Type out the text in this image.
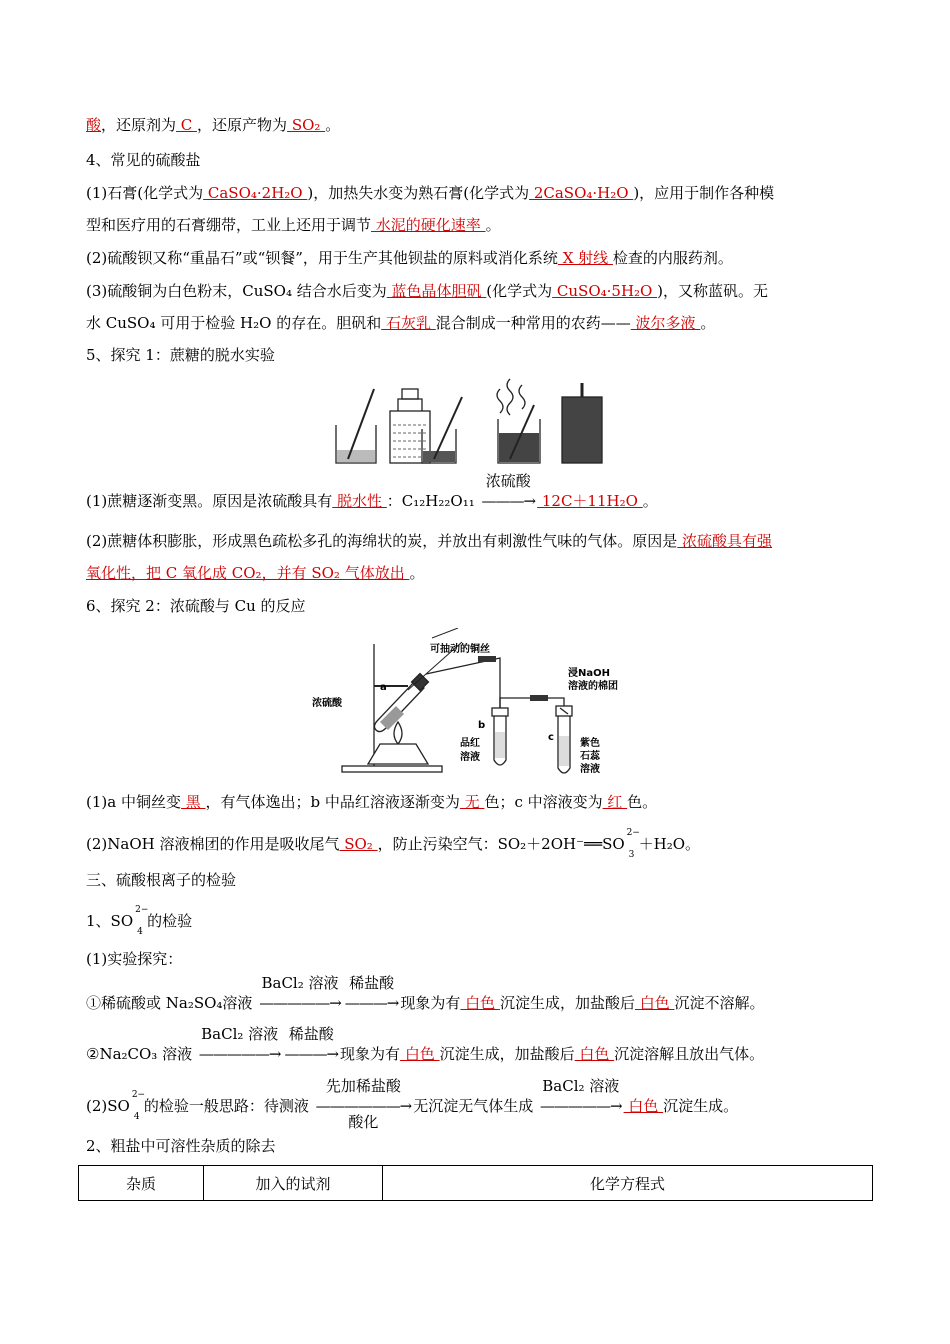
酸，还原剂为 C ，还原产物为 SO₂ 。
4、常见的硫酸盐
(1)石膏(化学式为 CaSO₄·2H₂O )，加热失水变为熟石膏(化学式为 2CaSO₄·H₂O )，应用于制作各种模
型和医疗用的石膏绷带，工业上还用于调节 水泥的硬化速率 。
(2)硫酸钡又称“重晶石”或“钡餐”，用于生产其他钡盐的原料或消化系统 X 射线 检查的内服药剂。
(3)硫酸铜为白色粉末，CuSO₄ 结合水后变为 蓝色晶体胆矾 (化学式为 CuSO₄·5H₂O )，又称蓝矾。无
水 CuSO₄ 可用于检验 H₂O 的存在。胆矾和 石灰乳 混合制成一种常用的农药—— 波尔多液 。
5、探究 1：蔗糖的脱水实验
(1)蔗糖逐渐变黑。原因是浓硫酸具有 脱水性 ：C₁₂H₂₂O₁₁
浓硫酸
———→ 12C＋11H₂O 。
(2)蔗糖体积膨胀，形成黑色疏松多孔的海绵状的炭，并放出有刺激性气味的气体。原因是 浓硫酸具有强
氧化性，把 C 氧化成 CO₂，并有 SO₂ 气体放出 。
6、探究 2：浓硫酸与 Cu 的反应
可抽动的铜丝
浓硫酸
a
b
品红
溶液
浸NaOH
溶液的棉团
c
紫色
石蕊
溶液
(1)a 中铜丝变 黑 ，有气体逸出；b 中品红溶液逐渐变为 无 色；c 中溶液变为 红 色。
(2)NaOH 溶液棉团的作用是吸收尾气 SO₂ ，防止污染空气：SO₂＋2OH⁻══SO
2−
3
＋H₂O。
三、硫酸根离子的检验
1、SO
2−
4
的检验
(1)实验探究：
①稀硫酸或 Na₂SO₄溶液
BaCl₂ 溶液
—————→
稀盐酸
———→ 现象为有 白色 沉淀生成，加盐酸后 白色 沉淀不溶解。
②Na₂CO₃ 溶液
BaCl₂ 溶液
—————→
稀盐酸
———→ 现象为有 白色 沉淀生成，加盐酸后 白色 沉淀溶解且放出气体。
(2)SO
2−
4
的检验一般思路：待测液
先加稀盐酸
——————→
酸化
无沉淀无气体生成
BaCl₂ 溶液
—————→ 白色 沉淀生成。
2、粗盐中可溶性杂质的除去
杂质	加入的试剂	化学方程式
